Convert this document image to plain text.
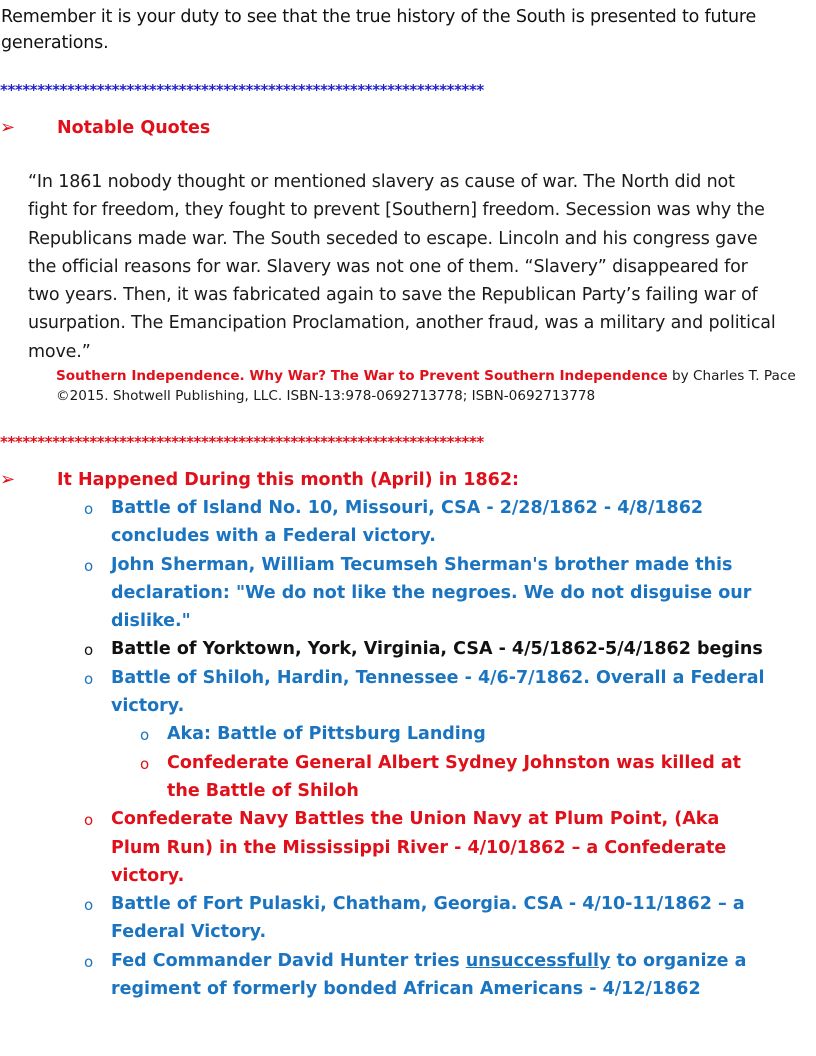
Remember it is your duty to see that the true history of the South is presented to future generations.
*****************************************************************
➢ Notable Quotes
“In 1861 nobody thought or mentioned slavery as cause of war. The North did not fight for freedom, they fought to prevent [Southern] freedom. Secession was why the Republicans made war. The South seceded to escape. Lincoln and his congress gave the official reasons for war. Slavery was not one of them. “Slavery” disappeared for two years. Then, it was fabricated again to save the Republican Party’s failing war of usurpation. The Emancipation Proclamation, another fraud, was a military and political move.”
Southern Independence. Why War? The War to Prevent Southern Independence by Charles T. Pace
©2015. Shotwell Publishing, LLC. ISBN-13:978-0692713778; ISBN-0692713778
*****************************************************************
➢ It Happened During this month (April) in 1862:
o Battle of Island No. 10, Missouri, CSA - 2/28/1862 - 4/8/1862 concludes with a Federal victory.
o John Sherman, William Tecumseh Sherman's brother made this declaration: "We do not like the negroes. We do not disguise our dislike."
o Battle of Yorktown, York, Virginia, CSA - 4/5/1862-5/4/1862 begins
o Battle of Shiloh, Hardin, Tennessee - 4/6-7/1862. Overall a Federal victory.
o Aka: Battle of Pittsburg Landing
o Confederate General Albert Sydney Johnston was killed at the Battle of Shiloh
o Confederate Navy Battles the Union Navy at Plum Point, (Aka Plum Run) in the Mississippi River - 4/10/1862 – a Confederate victory.
o Battle of Fort Pulaski, Chatham, Georgia. CSA - 4/10-11/1862 – a Federal Victory.
o Fed Commander David Hunter tries unsuccessfully to organize a regiment of formerly bonded African Americans - 4/12/1862
